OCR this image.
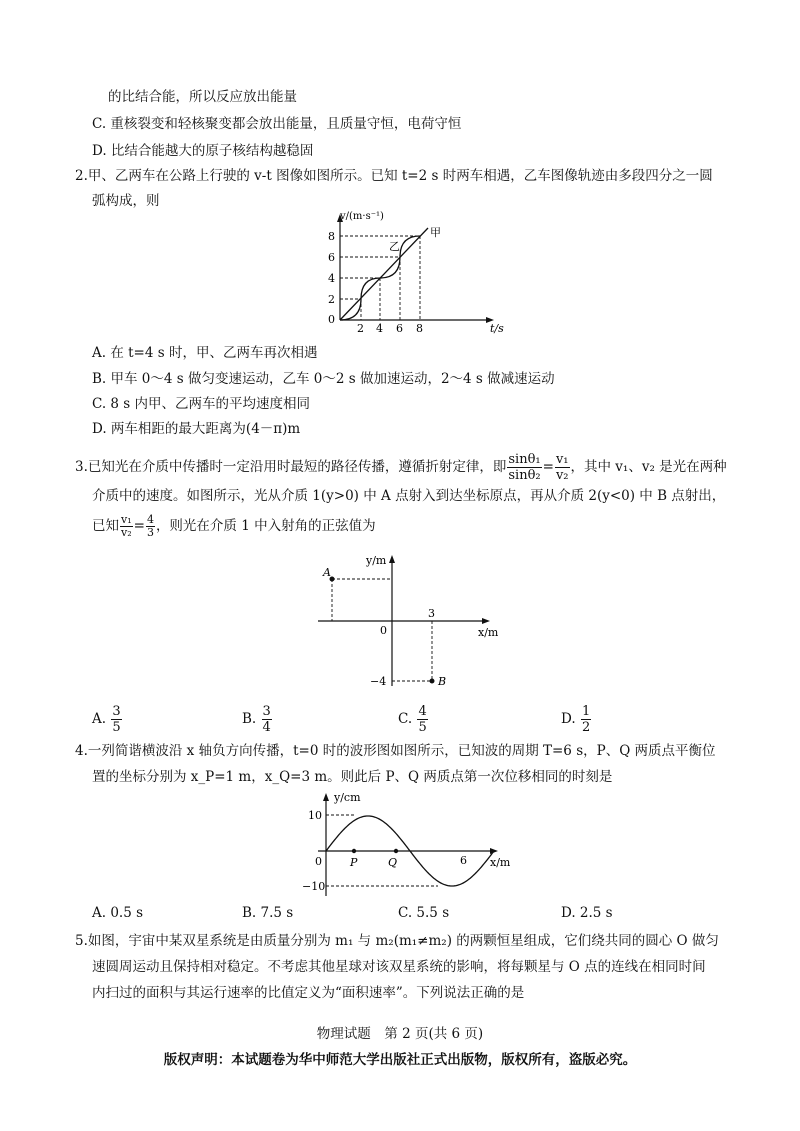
的比结合能，所以反应放出能量
C. 重核裂变和轻核聚变都会放出能量，且质量守恒，电荷守恒
D. 比结合能越大的原子核结构越稳固
2.甲、乙两车在公路上行驶的 v-t 图像如图所示。已知 t=2 s 时两车相遇，乙车图像轨迹由多段四分之一圆
弧构成，则
v/(m·s⁻¹)
t/s
甲
乙
0
2 4 6 8
2
4
6
8
A. 在 t=4 s 时，甲、乙两车再次相遇
B. 甲车 0～4 s 做匀变速运动，乙车 0～2 s 做加速运动，2～4 s 做减速运动
C. 8 s 内甲、乙两车的平均速度相同
D. 两车相距的最大距离为(4－π)m
3.已知光在介质中传播时一定沿用时最短的路径传播，遵循折射定律，即 $\frac{\text{sinθ₁}}{\text{sinθ₂}} = \frac{\text{v₁}}{\text{v₂}}$ ，其中 v₁、v₂ 是光在两种
介质中的速度。如图所示，光从介质 1(y>0) 中 A 点射入到达坐标原点，再从介质 2(y<0) 中 B 点射出，
已知 $\frac{\text{v₁}}{\text{v₂}} = \frac{4}{3}$ ，则光在介质 1 中入射角的正弦值为
y/m
x/m
A
B
0
3
−4
A. $\frac{3}{5}$	B. $\frac{3}{4}$	C. $\frac{4}{5}$	D. $\frac{1}{2}$
4.一列简谐横波沿 x 轴负方向传播，t=0 时的波形图如图所示，已知波的周期 T=6 s，P、Q 两质点平衡位
置的坐标分别为 x_P=1 m，x_Q=3 m。则此后 P、Q 两质点第一次位移相同的时刻是
y/cm
x/m
10
−10
0	P	Q	6
A. 0.5 s	B. 7.5 s	C. 5.5 s	D. 2.5 s
5.如图，宇宙中某双星系统是由质量分别为 m₁ 与 m₂(m₁≠m₂) 的两颗恒星组成，它们绕共同的圆心 O 做匀
速圆周运动且保持相对稳定。不考虑其他星球对该双星系统的影响，将每颗星与 O 点的连线在相同时间
内扫过的面积与其运行速率的比值定义为“面积速率”。下列说法正确的是
物理试题　第 2 页(共 6 页)
版权声明：本试题卷为华中师范大学出版社正式出版物，版权所有，盗版必究。
